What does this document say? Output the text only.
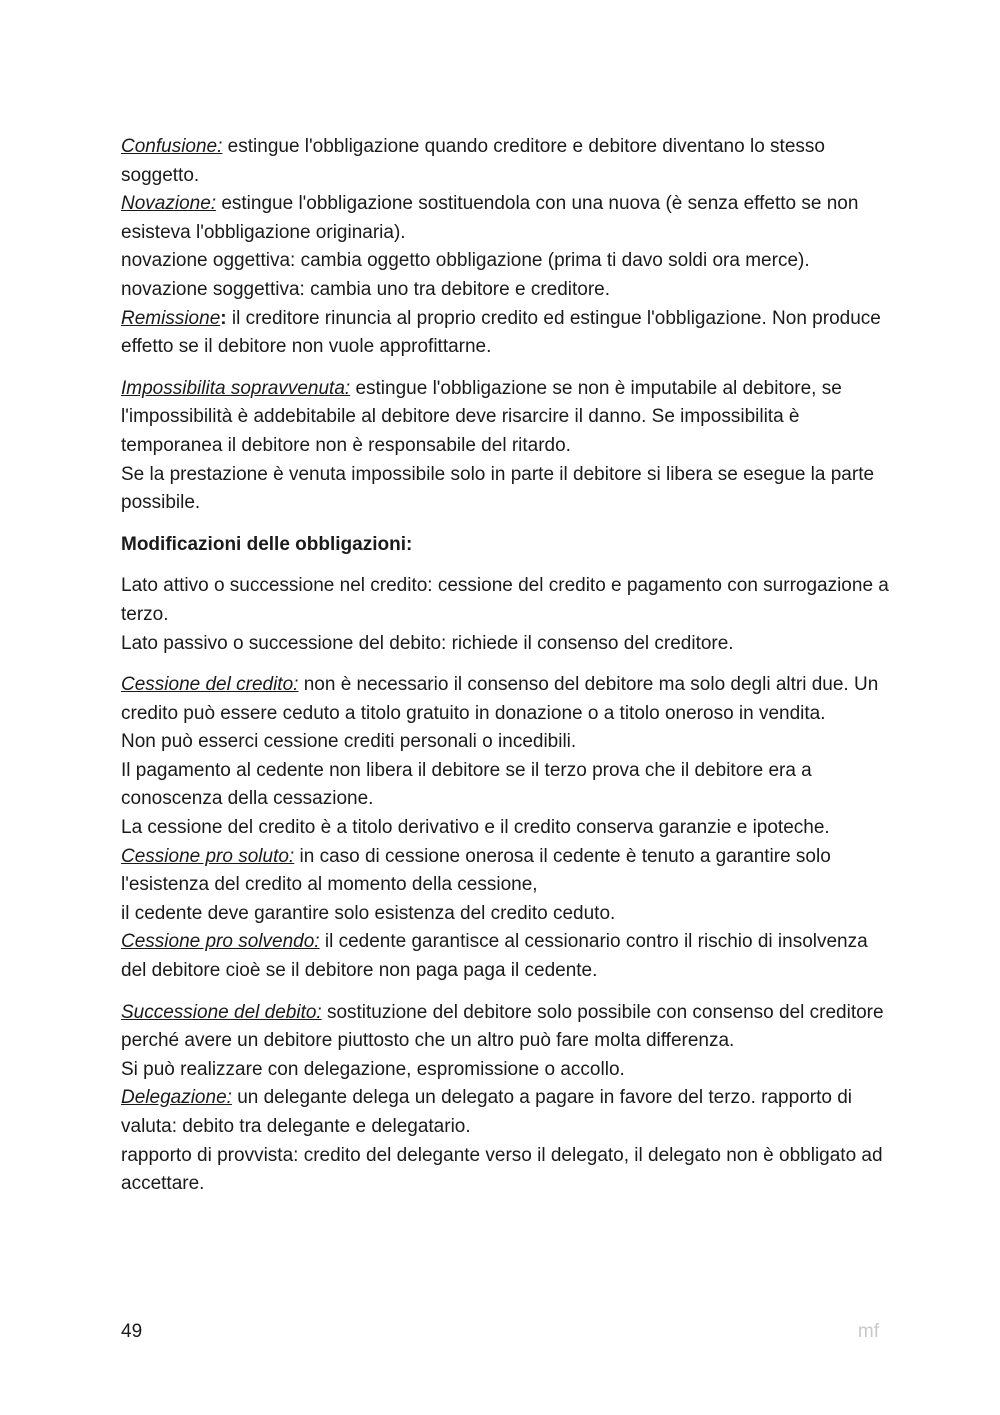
Confusione: estingue l'obbligazione quando creditore e debitore diventano lo stesso soggetto.

Novazione: estingue l'obbligazione sostituendola con una nuova (è senza effetto se non esisteva l'obbligazione originaria).

novazione oggettiva: cambia oggetto obbligazione (prima ti davo soldi ora merce).

novazione soggettiva: cambia uno tra debitore e creditore.

Remissione: il creditore rinuncia al proprio credito ed estingue l'obbligazione. Non produce effetto se il debitore non vuole approfittarne.

Impossibilita sopravvenuta: estingue l'obbligazione se non è imputabile al debitore, se l'impossibilità è addebitabile al debitore deve risarcire il danno. Se impossibilita è temporanea il debitore non è responsabile del ritardo.

Se la prestazione è venuta impossibile solo in parte il debitore si libera se esegue la parte possibile.

Modificazioni delle obbligazioni:

Lato attivo o successione nel credito: cessione del credito e pagamento con surrogazione a terzo.

Lato passivo o successione del debito: richiede il consenso del creditore.

Cessione del credito: non è necessario il consenso del debitore ma solo degli altri due. Un credito può essere ceduto a titolo gratuito in donazione o a titolo oneroso in vendita.

Non può esserci cessione crediti personali o incedibili.

Il pagamento al cedente non libera il debitore se il terzo prova che il debitore era a conoscenza della cessazione.

La cessione del credito è a titolo derivativo e il credito conserva garanzie e ipoteche.

Cessione pro soluto: in caso di cessione onerosa il cedente è tenuto a garantire solo l'esistenza del credito al momento della cessione,

il cedente deve garantire solo esistenza del credito ceduto.

Cessione pro solvendo: il cedente garantisce al cessionario contro il rischio di insolvenza del debitore cioè se il debitore non paga paga il cedente.

Successione del debito: sostituzione del debitore solo possibile con consenso del creditore perché avere un debitore piuttosto che un altro può fare molta differenza.

Si può realizzare con delegazione, espromissione o accollo.

Delegazione: un delegante delega un delegato a pagare in favore del terzo. rapporto di valuta: debito tra delegante e delegatario.

rapporto di provvista: credito del delegante verso il delegato, il delegato non è obbligato ad accettare.

49	mf
